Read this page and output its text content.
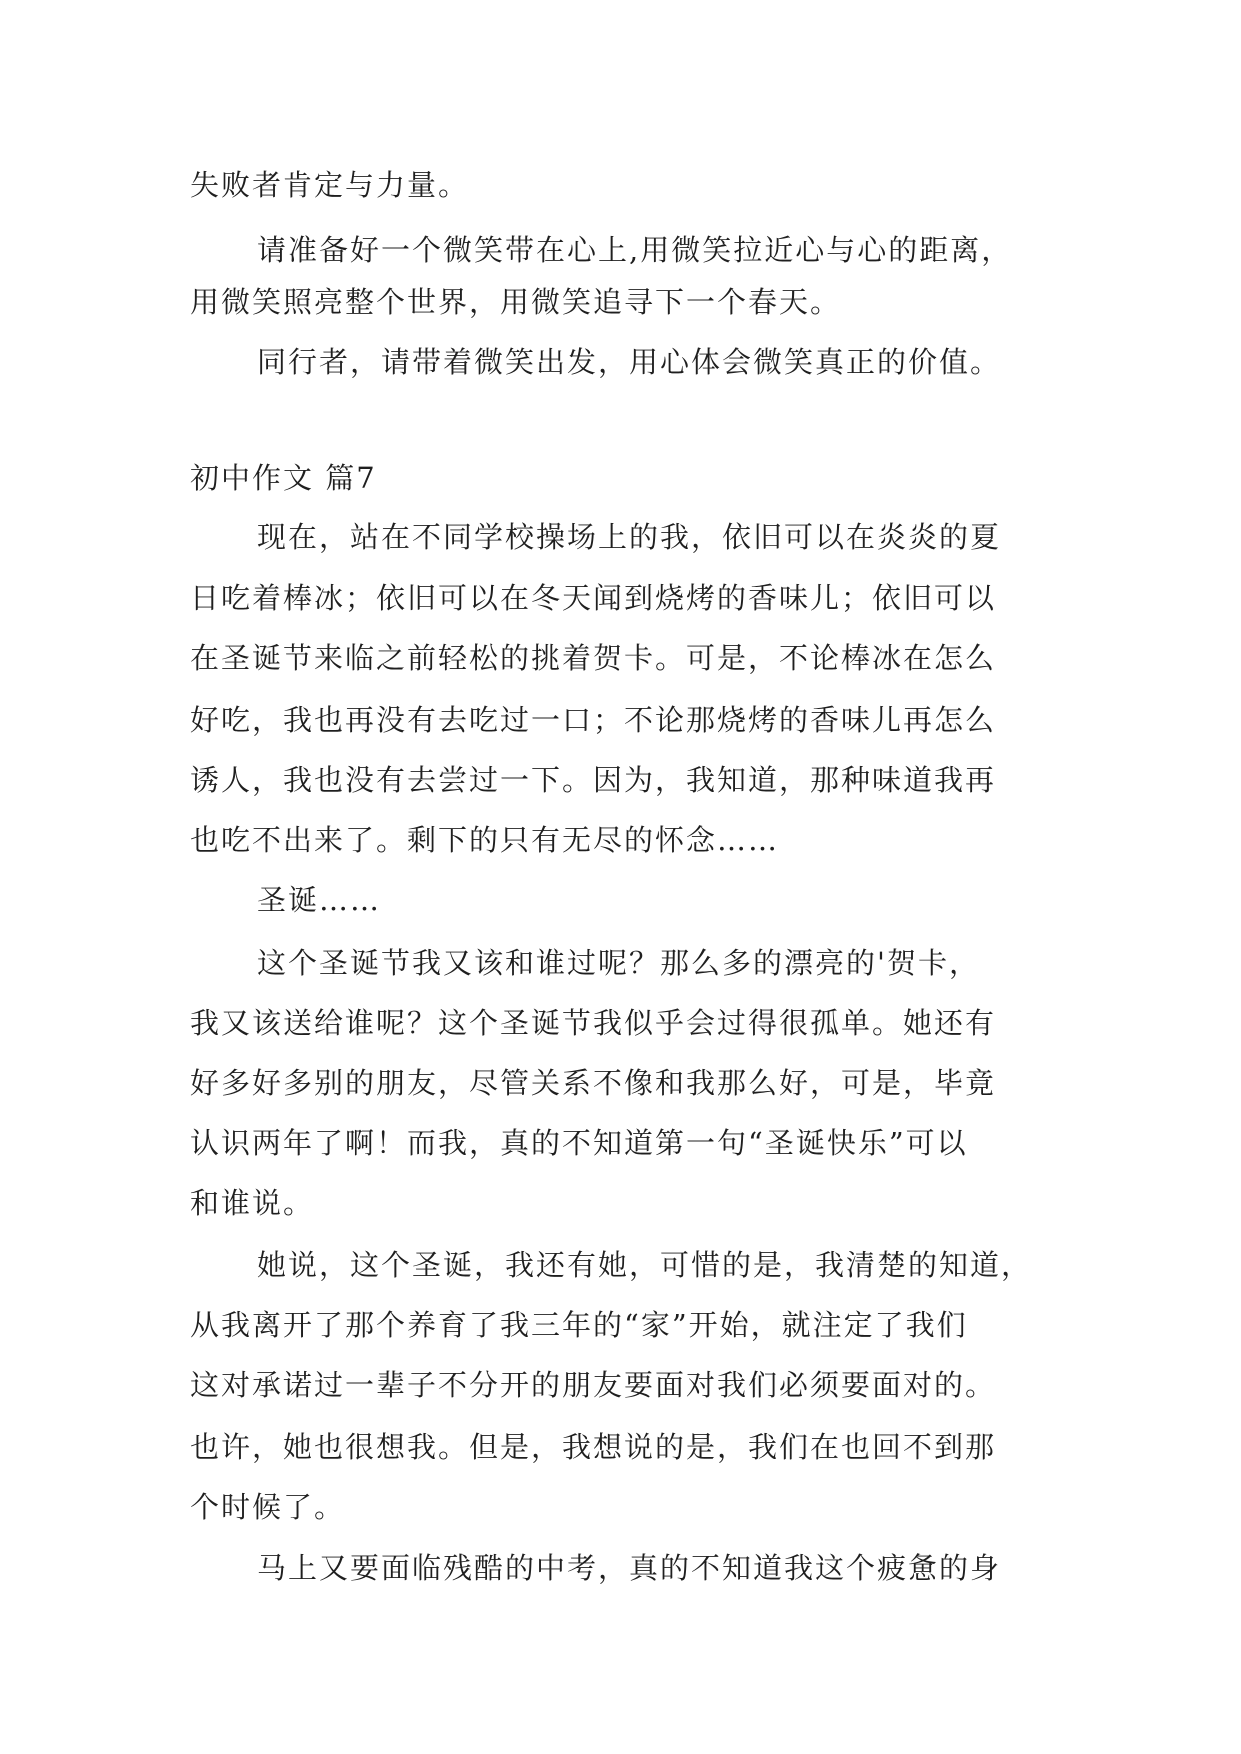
失败者肯定与力量。

请准备好一个微笑带在心上,用微笑拉近心与心的距离，

用微笑照亮整个世界，用微笑追寻下一个春天。

同行者，请带着微笑出发，用心体会微笑真正的价值。

初中作文 篇7

现在，站在不同学校操场上的我，依旧可以在炎炎的夏

日吃着棒冰；依旧可以在冬天闻到烧烤的香味儿；依旧可以

在圣诞节来临之前轻松的挑着贺卡。可是，不论棒冰在怎么

好吃，我也再没有去吃过一口；不论那烧烤的香味儿再怎么

诱人，我也没有去尝过一下。因为，我知道，那种味道我再

也吃不出来了。剩下的只有无尽的怀念……

圣诞……

这个圣诞节我又该和谁过呢？那么多的漂亮的'贺卡，

我又该送给谁呢？这个圣诞节我似乎会过得很孤单。她还有

好多好多别的朋友，尽管关系不像和我那么好，可是，毕竟

认识两年了啊！而我，真的不知道第一句“圣诞快乐”可以

和谁说。

她说，这个圣诞，我还有她，可惜的是，我清楚的知道，

从我离开了那个养育了我三年的“家”开始，就注定了我们

这对承诺过一辈子不分开的朋友要面对我们必须要面对的。

也许，她也很想我。但是，我想说的是，我们在也回不到那

个时候了。

马上又要面临残酷的中考，真的不知道我这个疲惫的身
